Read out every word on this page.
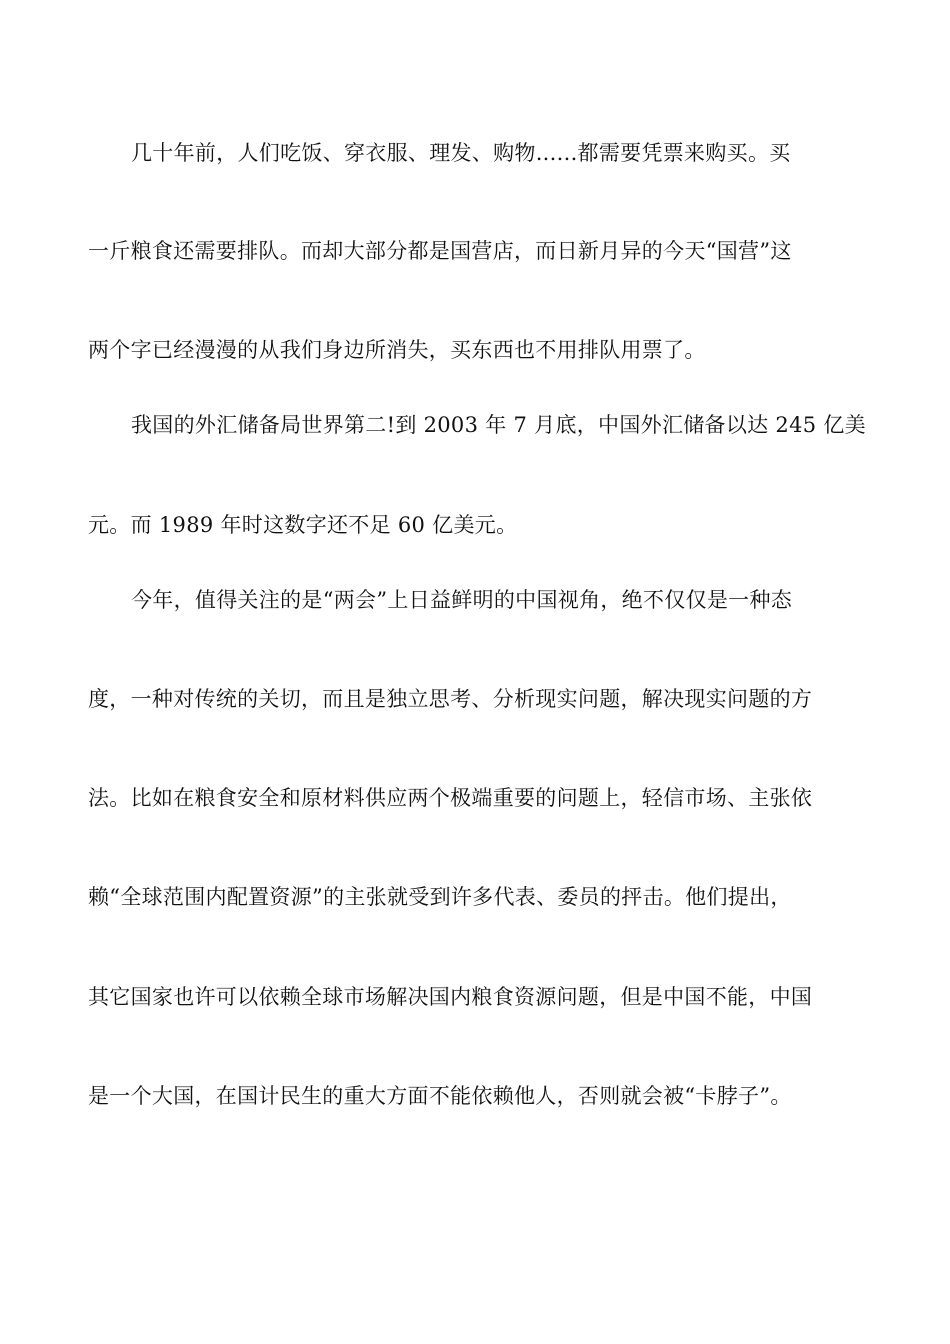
几十年前，人们吃饭、穿衣服、理发、购物......都需要凭票来购买。买
一斤粮食还需要排队。而却大部分都是国营店，而日新月异的今天“国营”这
两个字已经漫漫的从我们身边所消失，买东西也不用排队用票了。
我国的外汇储备局世界第二!到 2003 年 7 月底，中国外汇储备以达 245 亿美
元。而 1989 年时这数字还不足 60 亿美元。
今年，值得关注的是“两会”上日益鲜明的中国视角，绝不仅仅是一种态
度，一种对传统的关切，而且是独立思考、分析现实问题，解决现实问题的方
法。比如在粮食安全和原材料供应两个极端重要的问题上，轻信市场、主张依
赖“全球范围内配置资源”的主张就受到许多代表、委员的抨击。他们提出，
其它国家也许可以依赖全球市场解决国内粮食资源问题，但是中国不能，中国
是一个大国，在国计民生的重大方面不能依赖他人，否则就会被“卡脖子”。
